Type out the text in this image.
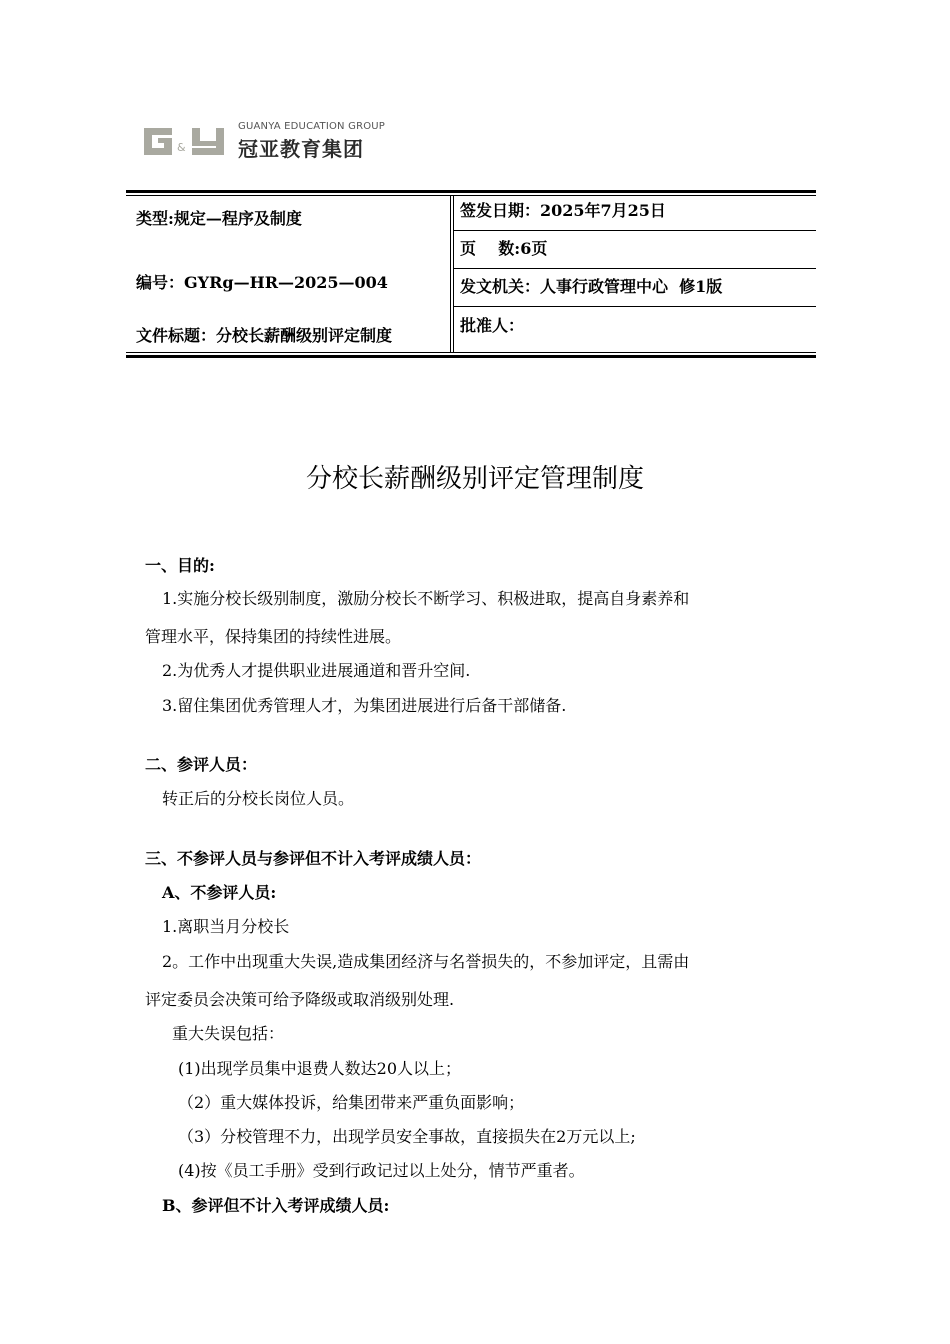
&
GUANYA EDUCATION GROUP
冠亚教育集团
类型:规定—程序及制度
编号：GYRg—HR—2025—004
文件标题：分校长薪酬级别评定制度
签发日期：2025年7月25日
页    数:6页
发文机关：人事行政管理中心  修1版
批准人：
分校长薪酬级别评定管理制度
一、目的:
1.实施分校长级别制度，激励分校长不断学习、积极进取，提高自身素养和
管理水平，保持集团的持续性进展。
2.为优秀人才提供职业进展通道和晋升空间.
3.留住集团优秀管理人才，为集团进展进行后备干部储备.
二、参评人员：
转正后的分校长岗位人员。
三、不参评人员与参评但不计入考评成绩人员：
A、不参评人员:
1.离职当月分校长
2。工作中出现重大失误,造成集团经济与名誉损失的，不参加评定，且需由
评定委员会决策可给予降级或取消级别处理.
重大失误包括：
(1)出现学员集中退费人数达20人以上；
（2）重大媒体投诉，给集团带来严重负面影响；
（3）分校管理不力，出现学员安全事故，直接损失在2万元以上;
(4)按《员工手册》受到行政记过以上处分，情节严重者。
B、参评但不计入考评成绩人员:
